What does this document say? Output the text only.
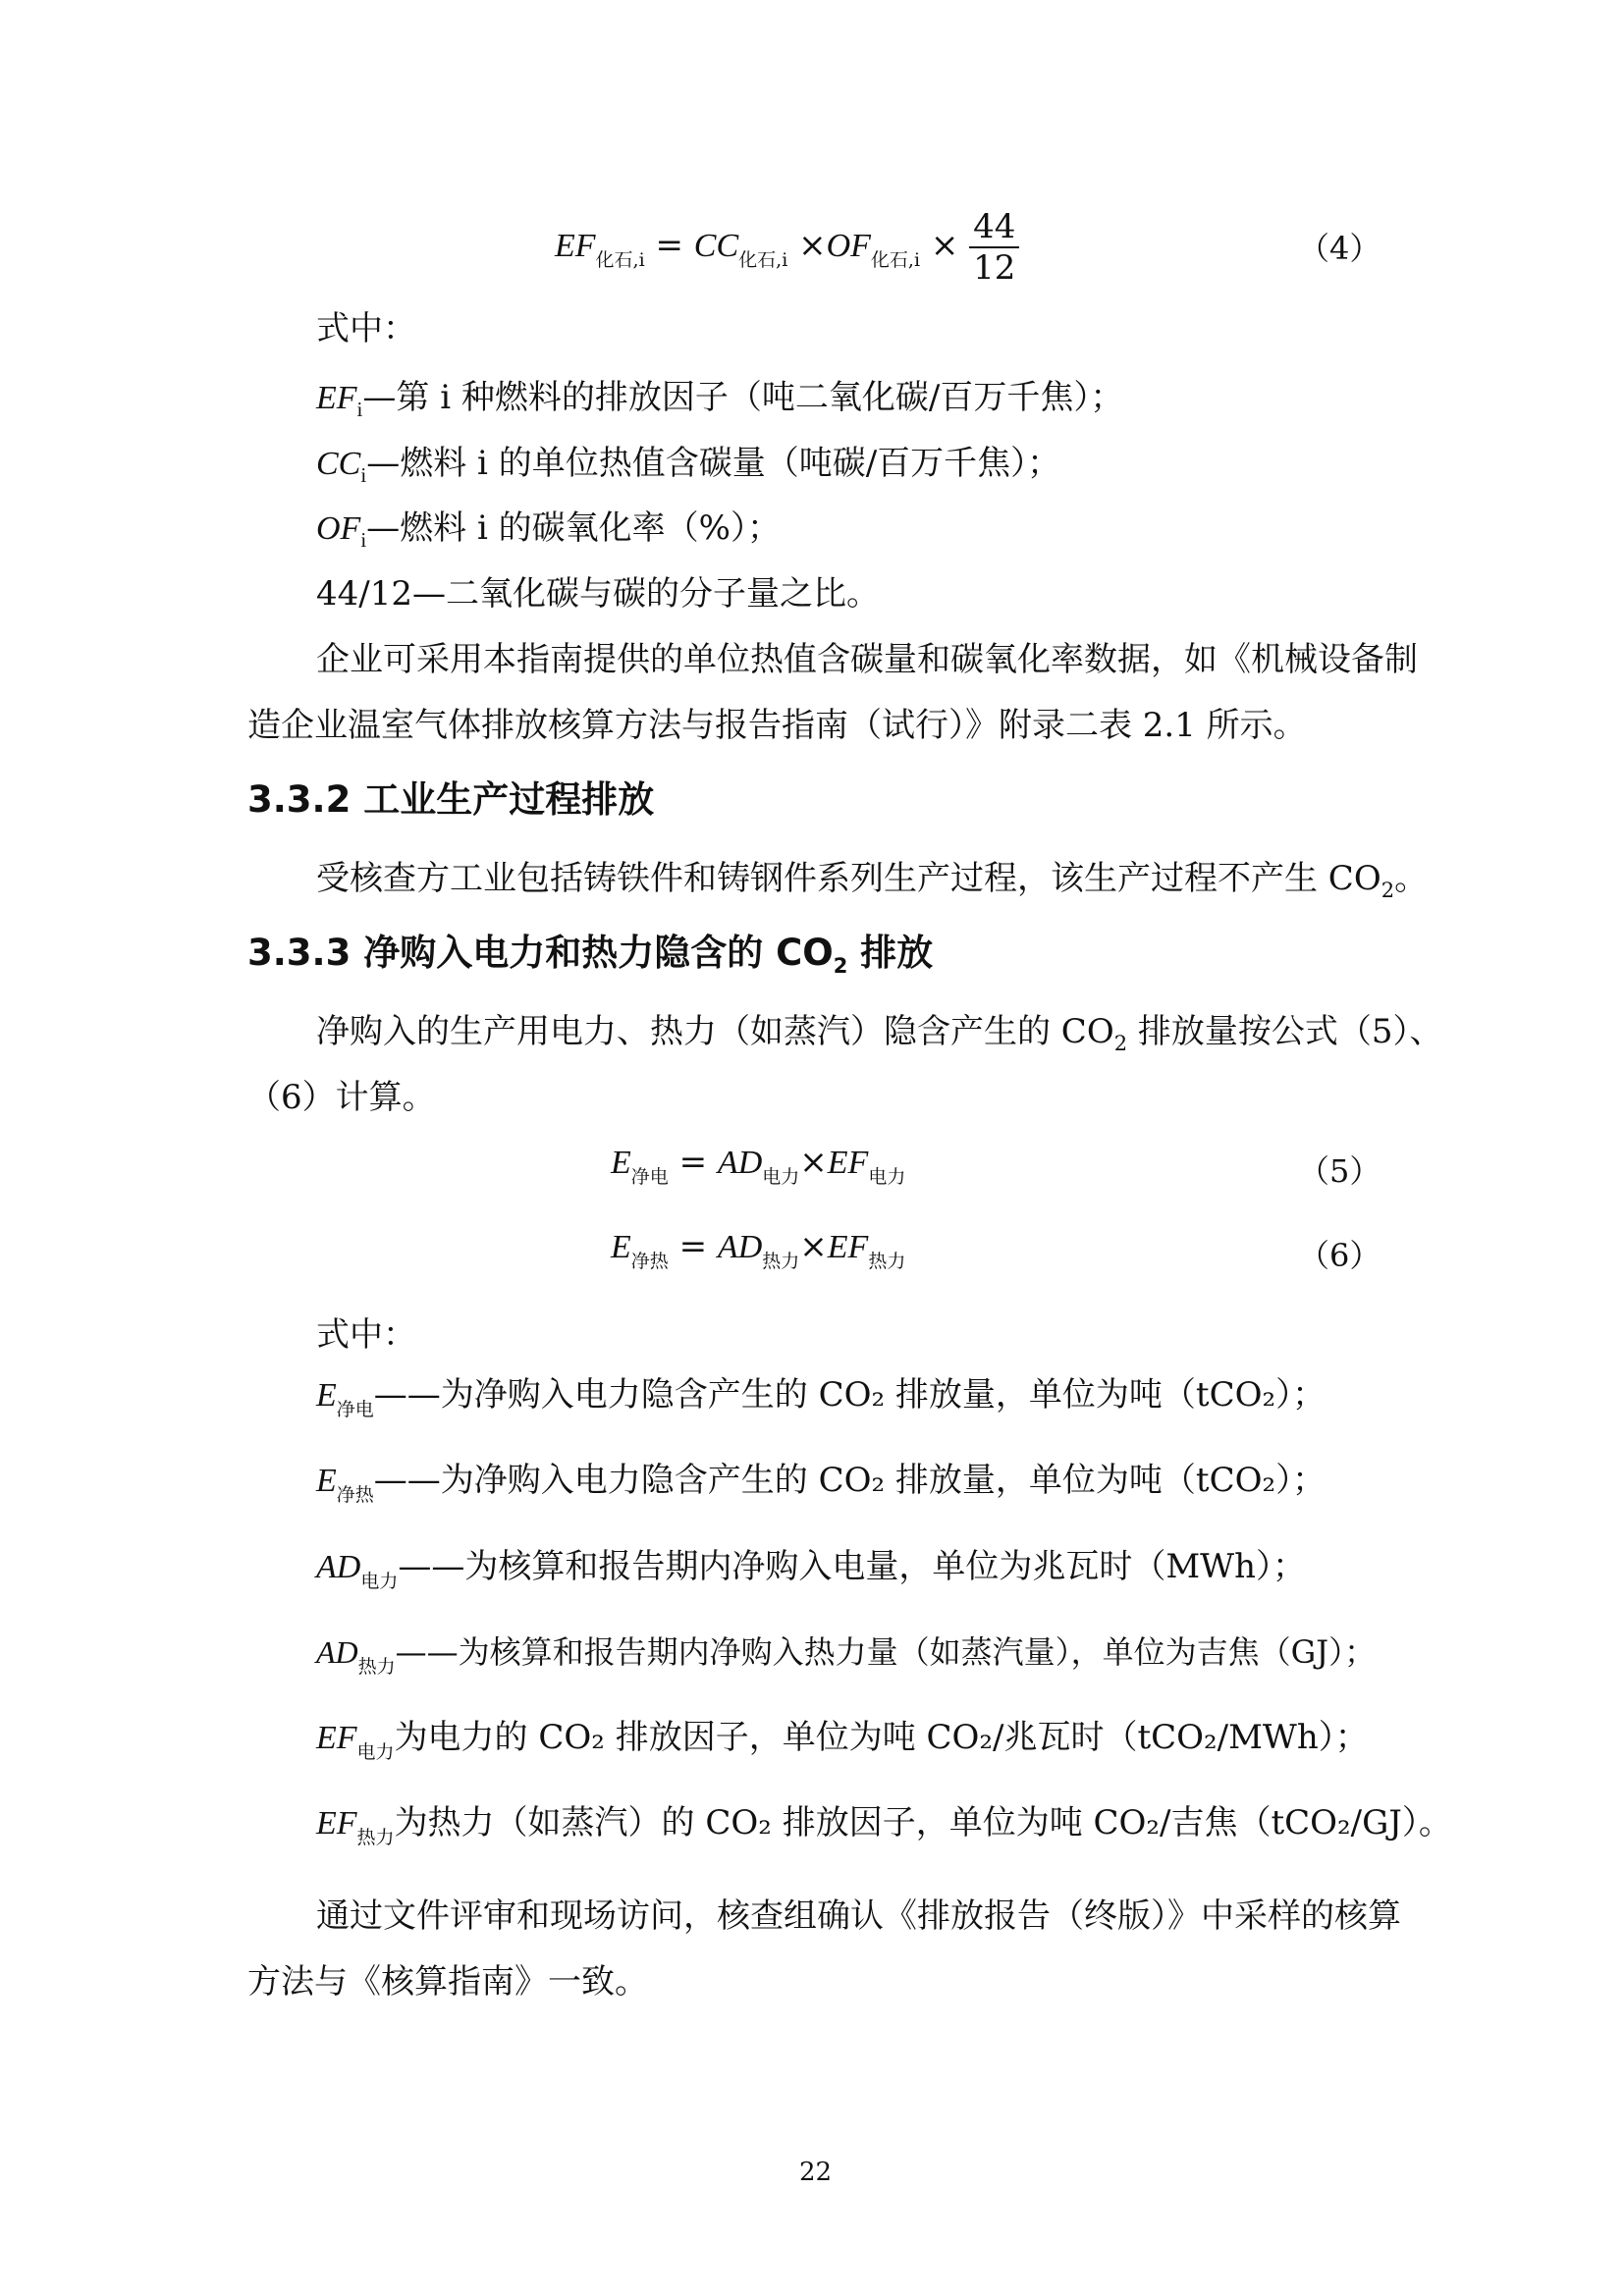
$EF_{化石,i} = CC_{化石,i} \times OF_{化石,i} \times \frac{44}{12}$	（4）
式中：
$EF_i—$第 i 种燃料的排放因子（吨二氧化碳/百万千焦）；
$CC_i—$燃料 i 的单位热值含碳量（吨碳/百万千焦）；
$OF_i—$燃料 i 的碳氧化率（%）；
44/12—二氧化碳与碳的分子量之比。
企业可采用本指南提供的单位热值含碳量和碳氧化率数据，如《机械设备制
造企业温室气体排放核算方法与报告指南（试行）》附录二表 2.1 所示。
3.3.2 工业生产过程排放
受核查方工业包括铸铁件和铸钢件系列生产过程，该生产过程不产生 $CO_2$。
3.3.3 净购入电力和热力隐含的 $CO_2$ 排放
净购入的生产用电力、热力（如蒸汽）隐含产生的 $CO_2$ 排放量按公式（5）、
（6）计算。
$E_{净电} = AD_{电力}\times EF_{电力}$	（5）
$E_{净热} = AD_{热力}\times EF_{热力}$	（6）
式中：
$E_{净电}——$为净购入电力隐含产生的 CO₂ 排放量，单位为吨（tCO₂）；
$E_{净热}——$为净购入电力隐含产生的 CO₂ 排放量，单位为吨（tCO₂）；
$AD_{电力}——$为核算和报告期内净购入电量，单位为兆瓦时（MWh）；
$AD_{热力}——$为核算和报告期内净购入热力量（如蒸汽量），单位为吉焦（GJ）；
$EF_{电力}$为电力的 CO₂ 排放因子，单位为吨 CO₂/兆瓦时（tCO₂/MWh）；
$EF_{热力}$为热力（如蒸汽）的 CO₂ 排放因子，单位为吨 CO₂/吉焦（tCO₂/GJ）。
通过文件评审和现场访问，核查组确认《排放报告（终版）》中采样的核算
方法与《核算指南》一致。
22
